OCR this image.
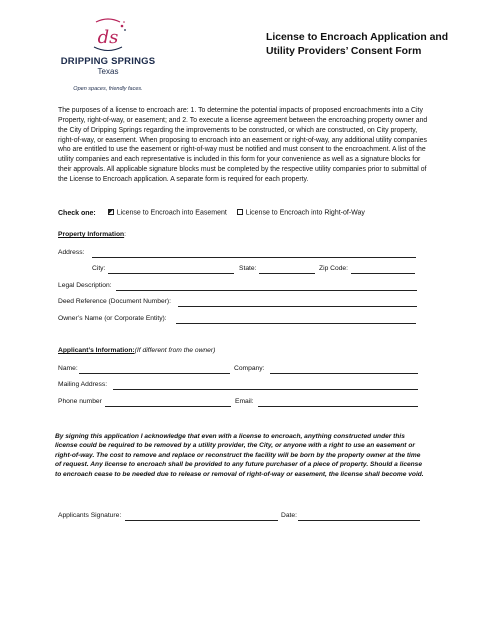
ds
DRIPPING SPRINGS
Texas
Open spaces, friendly faces.
License to Encroach Application and Utility Providers’ Consent Form
The purposes of a license to encroach are: 1. To determine the potential impacts of proposed encroachments into a City Property, right-of-way, or easement; and 2. To execute a license agreement between the encroaching property owner and the City of Dripping Springs regarding the improvements to be constructed, or which are constructed, on City property, right-of-way, or easement. When proposing to encroach into an easement or right-of-way, any additional utility companies who are entitled to use the easement or right-of-way must be notified and must consent to the encroachment. A list of the utility companies and each representative is included in this form for your convenience as well as a signature blocks for their approvals. All applicable signature blocks must be completed by the respective utility companies prior to submittal of the License to Encroach application. A separate form is required for each property.
Check one:	License to Encroach into Easement	License to Encroach into Right-of-Way
Property Information:
Address:
City:	State:	Zip Code:
Legal Description:
Deed Reference (Document Number):
Owner’s Name (or Corporate Entity):
Applicant’s Information:(If different from the owner)
Name:	Company:
Mailing Address:
Phone number	Email:
By signing this application I acknowledge that even with a license to encroach, anything constructed under this license could be required to be removed by a utility provider, the City, or anyone with a right to use an easement or right-of-way. The cost to remove and replace or reconstruct the facility will be born by the property owner at the time of request. Any license to encroach shall be provided to any future purchaser of a piece of property. Should a license to encroach cease to be needed due to release or removal of right-of-way or easement, the license shall become void.
Applicants Signature:	Date:
